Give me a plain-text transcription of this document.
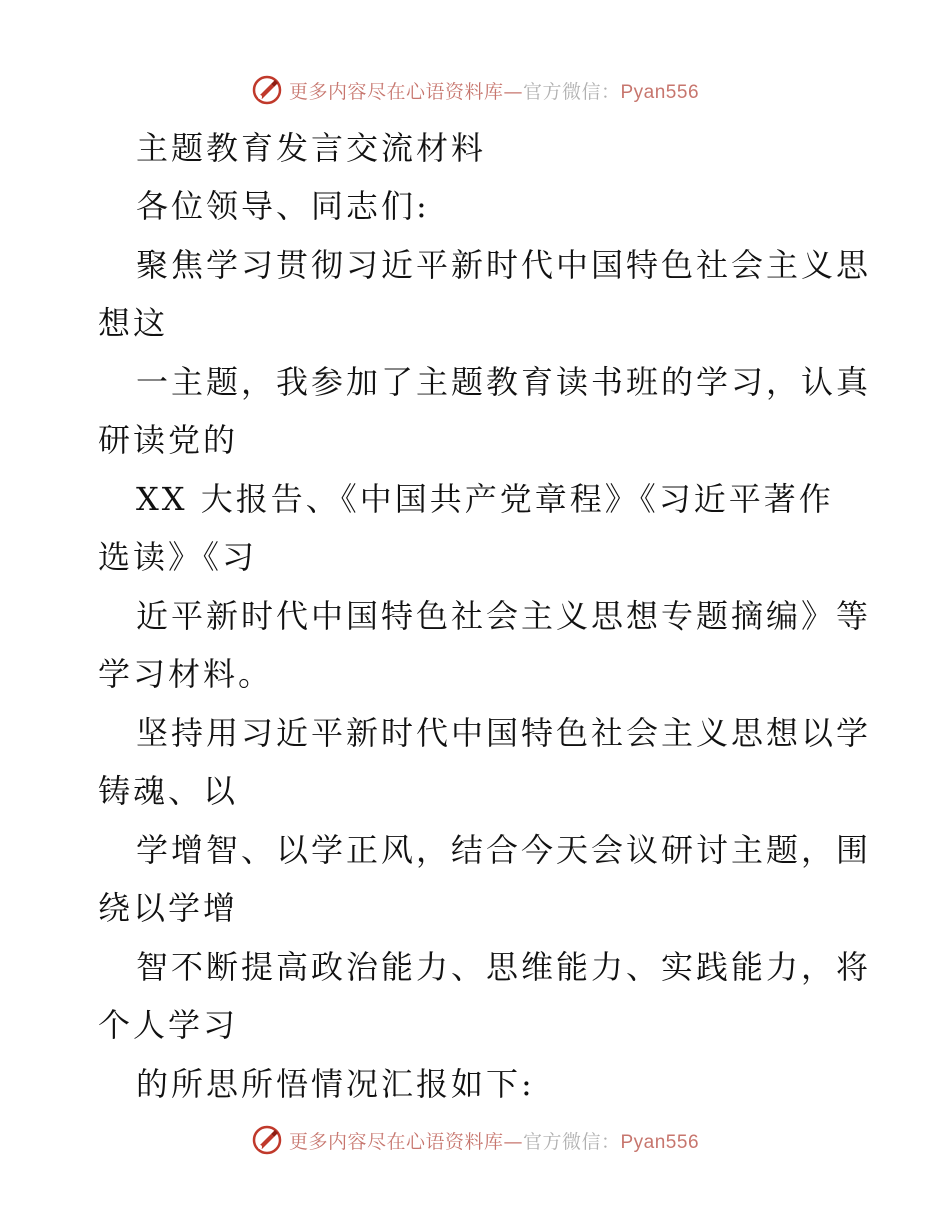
更多内容尽在心语资料库—官方微信：Pyan556
主题教育发言交流材料
各位领导、同志们:
聚焦学习贯彻习近平新时代中国特色社会主义思
想这
一主题，我参加了主题教育读书班的学习，认真
研读党的
XX 大报告、《中国共产党章程》《习近平著作
选读》《习
近平新时代中国特色社会主义思想专题摘编》等
学习材料。
坚持用习近平新时代中国特色社会主义思想以学
铸魂、以
学增智、以学正风，结合今天会议研讨主题，围
绕以学增
智不断提高政治能力、思维能力、实践能力，将
个人学习
的所思所悟情况汇报如下:
更多内容尽在心语资料库—官方微信：Pyan556
